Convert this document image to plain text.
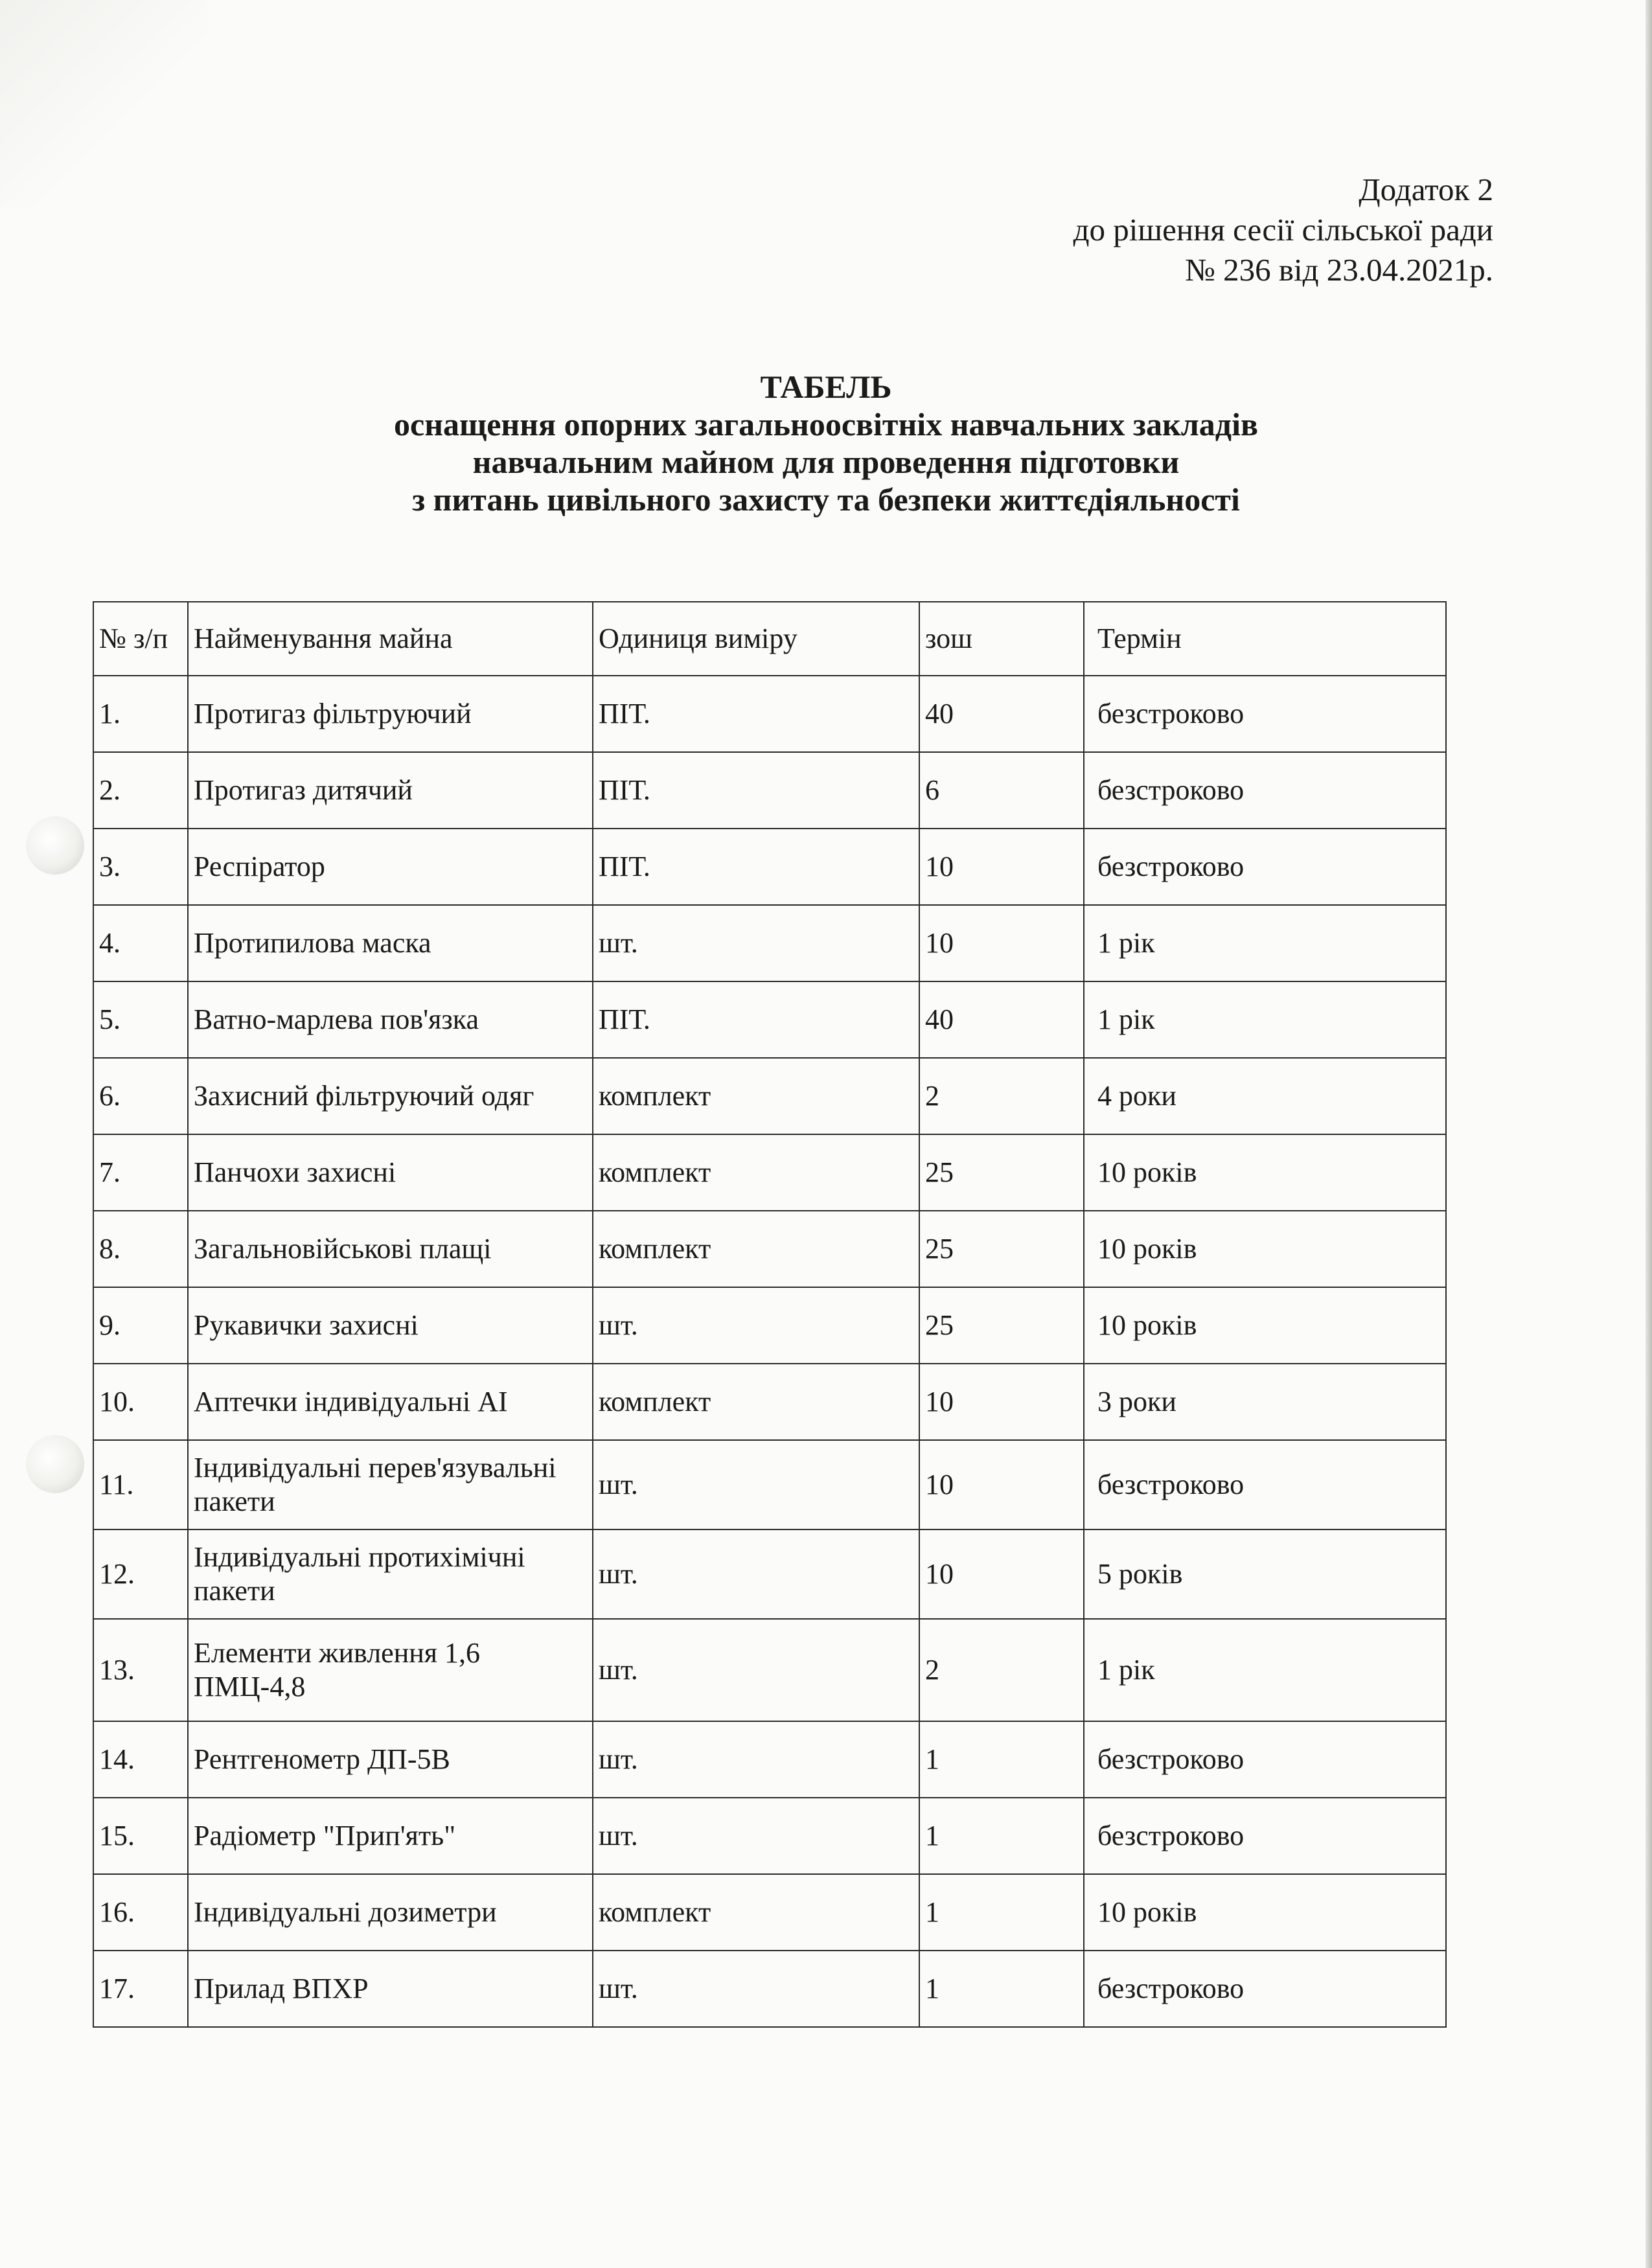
Додаток 2
до рішення сесії сільської ради
№ 236 від 23.04.2021р.
ТАБЕЛЬ
оснащення опорних загальноосвітніх навчальних закладів
навчальним майном для проведення підготовки
з питань цивільного захисту та безпеки життєдіяльності
№ з/п	Найменування майна	Одиниця виміру	зош	Термін
1.	Протигаз фільтруючий	ПІТ.	40	безстроково
2.	Протигаз дитячий	ПІТ.	6	безстроково
3.	Респіратор	ПІТ.	10	безстроково
4.	Протипилова маска	шт.	10	1 рік
5.	Ватно-марлева пов'язка	ПІТ.	40	1 рік
6.	Захисний фільтруючий одяг	комплект	2	4 роки
7.	Панчохи захисні	комплект	25	10 років
8.	Загальновійськові плащі	комплект	25	10 років
9.	Рукавички захисні	шт.	25	10 років
10.	Аптечки індивідуальні АІ	комплект	10	3 роки
11.	Індивідуальні перев'язувальні пакети	шт.	10	безстроково
12.	Індивідуальні протихімічні пакети	шт.	10	5 років
13.	Елементи живлення 1,6 ПМЦ-4,8	шт.	2	1 рік
14.	Рентгенометр ДП-5В	шт.	1	безстроково
15.	Радіометр "Прип'ять"	шт.	1	безстроково
16.	Індивідуальні дозиметри	комплект	1	10 років
17.	Прилад ВПХР	шт.	1	безстроково
